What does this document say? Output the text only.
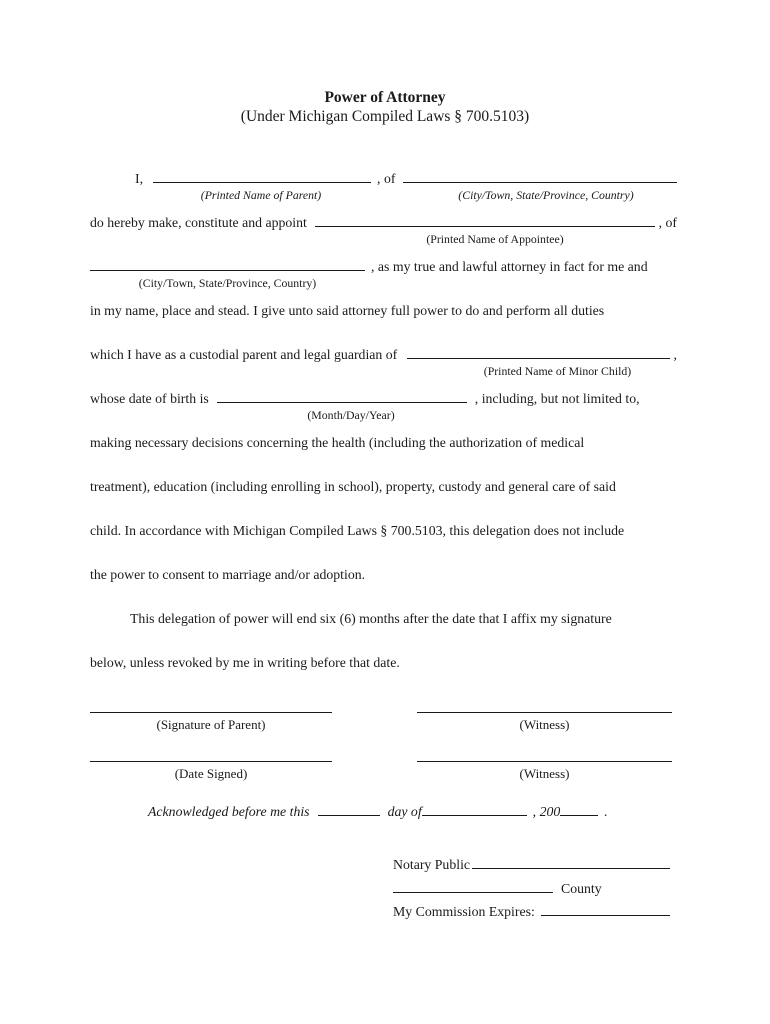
Power of Attorney
(Under Michigan Compiled Laws § 700.5103)
I,	, of
(Printed Name of Parent)	(City/Town, State/Province, Country)
do hereby make, constitute and appoint	, of
(Printed Name of Appointee)
, as my true and lawful attorney in fact for me and
(City/Town, State/Province, Country)
in my name, place and stead. I give unto said attorney full power to do and perform all duties
which I have as a custodial parent and legal guardian of	,
(Printed Name of Minor Child)
whose date of birth is	, including, but not limited to,
(Month/Day/Year)
making necessary decisions concerning the health (including the authorization of medical
treatment), education (including enrolling in school), property, custody and general care of said
child. In accordance with Michigan Compiled Laws § 700.5103, this delegation does not include
the power to consent to marriage and/or adoption.
This delegation of power will end six (6) months after the date that I affix my signature
below, unless revoked by me in writing before that date.
(Signature of Parent)	(Witness)
(Date Signed)	(Witness)
Acknowledged before me this	day of	, 200	.
Notary Public
County
My Commission Expires:
